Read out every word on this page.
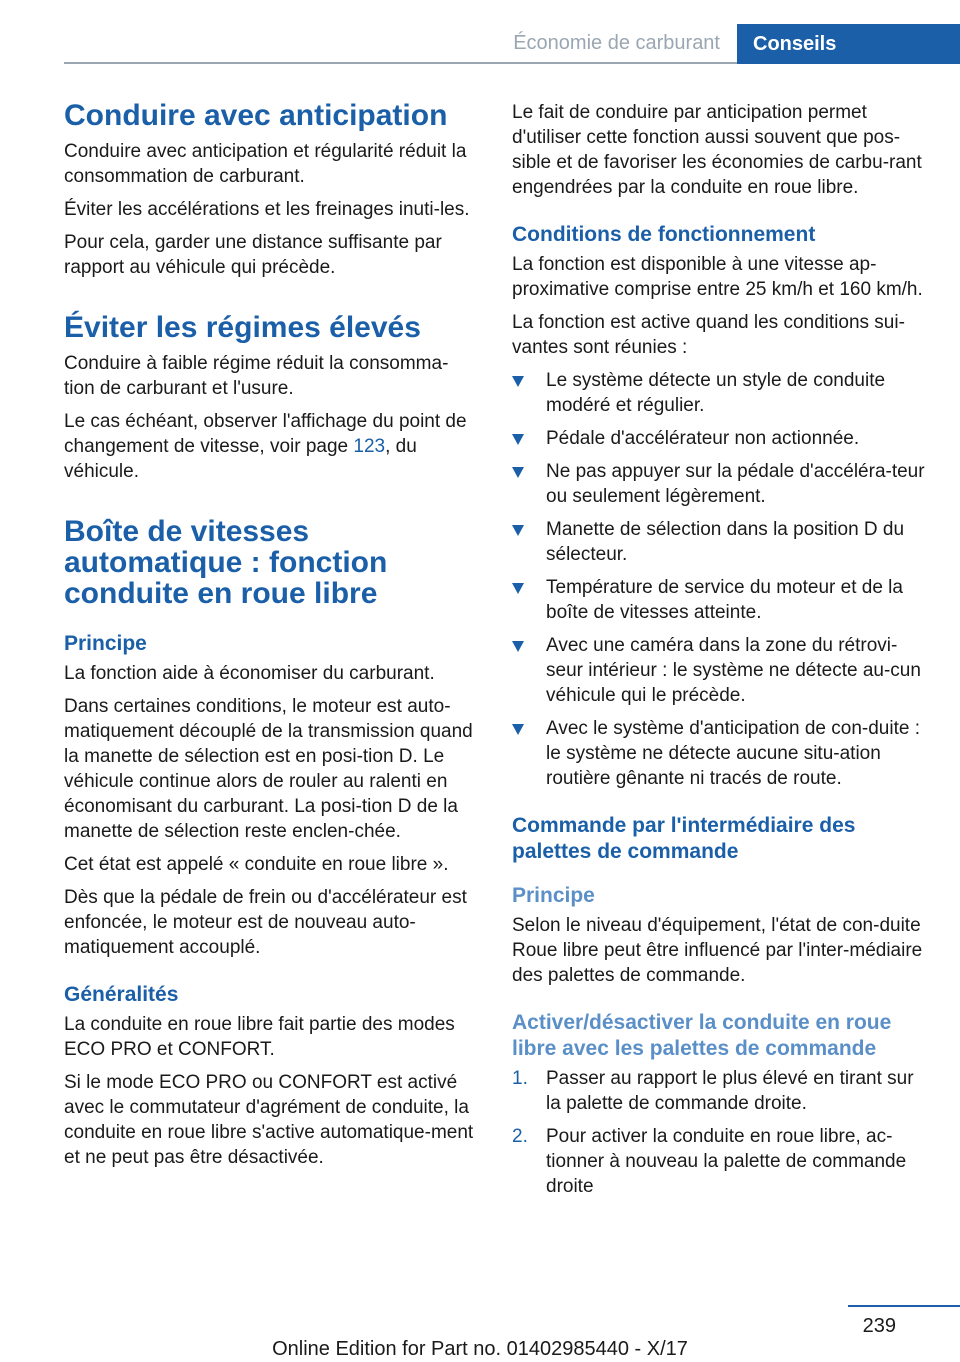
Économie de carburant	Conseils
Conduire avec anticipation

Conduire avec anticipation et régularité réduit la consommation de carburant.

Éviter les accélérations et les freinages inuti-les.

Pour cela, garder une distance suffisante par rapport au véhicule qui précède.

Éviter les régimes élevés

Conduire à faible régime réduit la consomma-tion de carburant et l'usure.

Le cas échéant, observer l'affichage du point de changement de vitesse, voir page 123, du véhicule.

Boîte de vitesses automatique : fonction conduite en roue libre
Principe

La fonction aide à économiser du carburant.

Dans certaines conditions, le moteur est auto-matiquement découplé de la transmission quand la manette de sélection est en posi-tion D. Le véhicule continue alors de rouler au ralenti en économisant du carburant. La posi-tion D de la manette de sélection reste enclen-chée.

Cet état est appelé « conduite en roue libre ».

Dès que la pédale de frein ou d'accélérateur est enfoncée, le moteur est de nouveau auto-matiquement accouplé.

Généralités

La conduite en roue libre fait partie des modes ECO PRO et CONFORT.

Si le mode ECO PRO ou CONFORT est activé avec le commutateur d'agrément de conduite, la conduite en roue libre s'active automatique-ment et ne peut pas être désactivée.

Le fait de conduire par anticipation permet d'utiliser cette fonction aussi souvent que pos-sible et de favoriser les économies de carbu-rant engendrées par la conduite en roue libre.

Conditions de fonctionnement

La fonction est disponible à une vitesse ap-proximative comprise entre 25 km/h et 160 km/h.

La fonction est active quand les conditions sui-vantes sont réunies :

Le système détecte un style de conduite modéré et régulier.
Pédale d'accélérateur non actionnée.
Ne pas appuyer sur la pédale d'accéléra-teur ou seulement légèrement.
Manette de sélection dans la position D du sélecteur.
Température de service du moteur et de la boîte de vitesses atteinte.
Avec une caméra dans la zone du rétrovi-seur intérieur : le système ne détecte au-cun véhicule qui le précède.
Avec le système d'anticipation de con-duite : le système ne détecte aucune situ-ation routière gênante ni tracés de route.
Commande par l'intermédiaire des palettes de commande
Principe

Selon le niveau d'équipement, l'état de con-duite Roue libre peut être influencé par l'inter-médiaire des palettes de commande.

Activer/désactiver la conduite en roue libre avec les palettes de commande
1. Passer au rapport le plus élevé en tirant sur la palette de commande droite.
2. Pour activer la conduite en roue libre, ac-tionner à nouveau la palette de commande droite
239
Online Edition for Part no. 01402985440 - X/17
